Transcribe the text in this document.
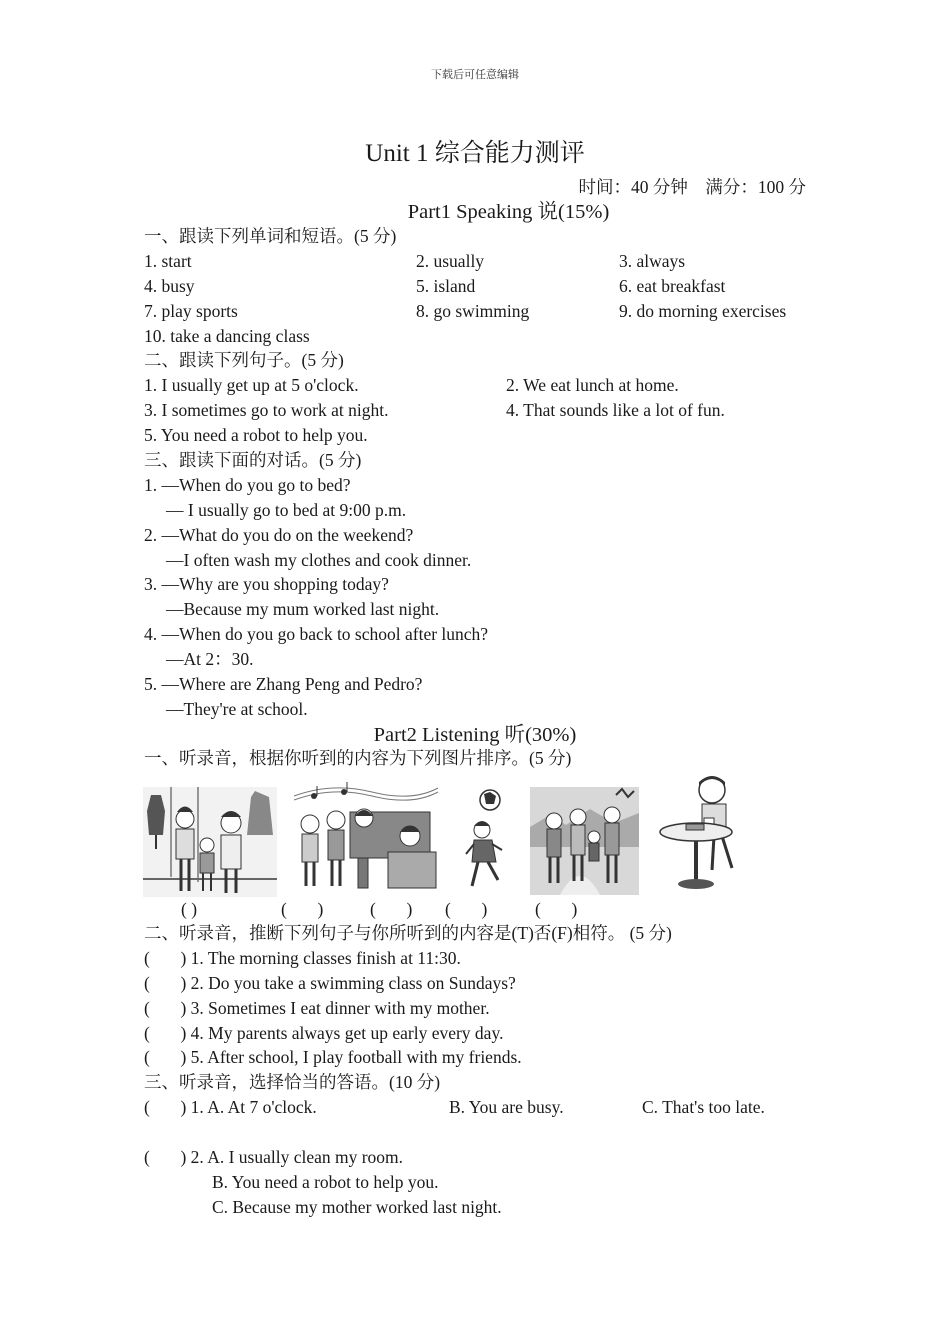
下载后可任意编辑
Unit 1 综合能力测评
时间：40 分钟    满分：100 分
Part1 Speaking 说(15%)
一、跟读下列单词和短语。(5 分)
1. start	2. usually	3. always
4. busy	5. island	6. eat breakfast
7. play sports	8. go swimming	9. do morning exercises
10. take a dancing class
二、跟读下列句子。(5 分)
1. I usually get up at 5 o'clock.	2. We eat lunch at home.
3. I sometimes go to work at night.	4. That sounds like a lot of fun.
5. You need a robot to help you.
三、跟读下面的对话。(5 分)
1. —When do you go to bed?
— I usually go to bed at 9:00 p.m.
2. —What do you do on the weekend?
—I often wash my clothes and cook dinner.
3. —Why are you shopping today?
—Because my mum worked last night.
4. —When do you go back to school after lunch?
—At 2：30.
5. —Where are Zhang Peng and Pedro?
—They're at school.
Part2 Listening 听(30%)
一、听录音，根据你听到的内容为下列图片排序。(5 分)
( )	(       )	(       ) (       )	(       )
二、听录音，推断下列句子与你所听到的内容是(T)否(F)相符。 (5 分)
(       ) 1. The morning classes finish at 11:30.
(       ) 2. Do you take a swimming class on Sundays?
(       ) 3. Sometimes I eat dinner with my mother.
(       ) 4. My parents always get up early every day.
(       ) 5. After school, I play football with my friends.
三、听录音，选择恰当的答语。(10 分)
(       ) 1. A. At 7 o'clock.	B. You are busy.	C. That's too late.
(       ) 2. A. I usually clean my room.
B. You need a robot to help you.
C. Because my mother worked last night.
